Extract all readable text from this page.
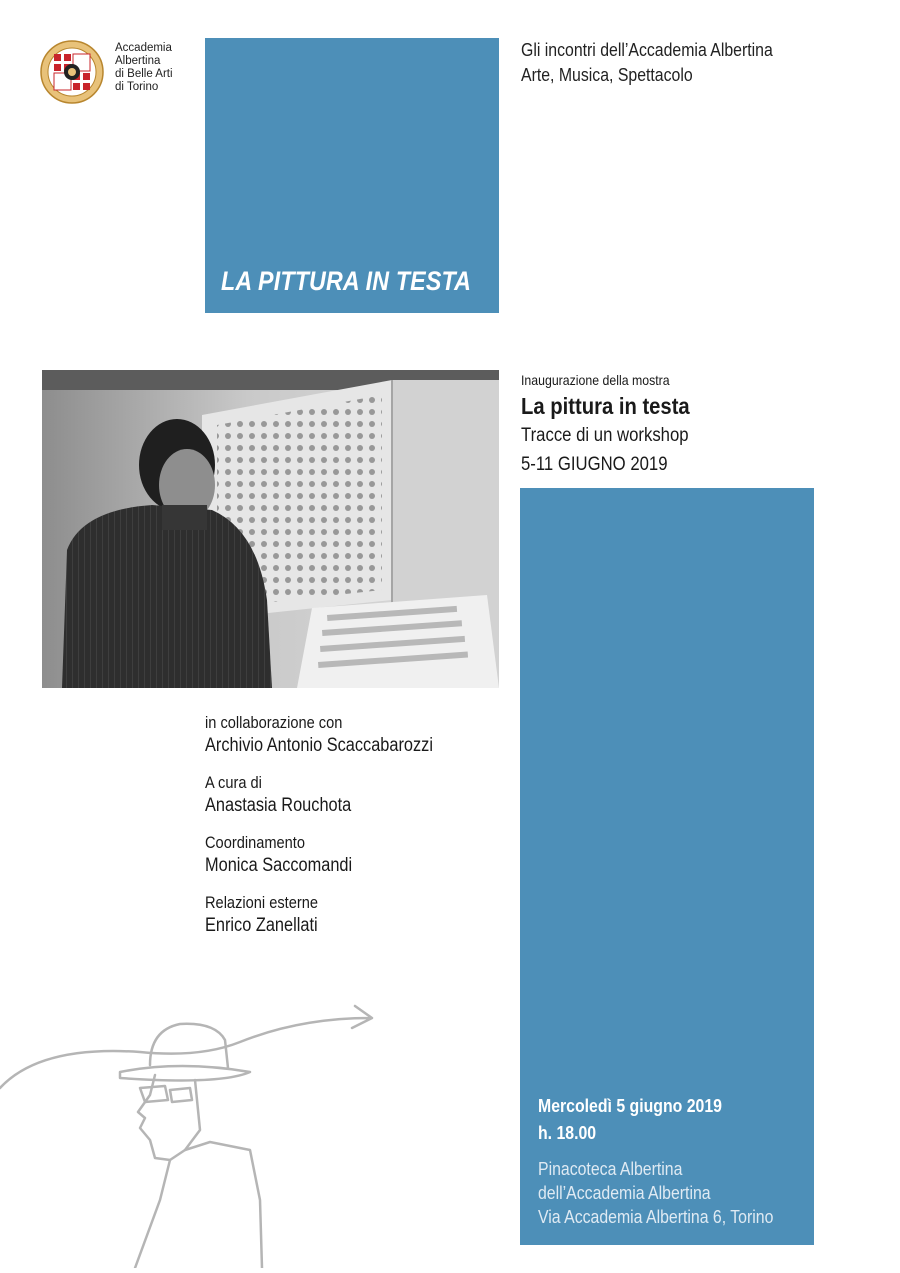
Accademia
Albertina
di Belle Arti
di Torino
LA PITTURA IN TESTA
Gli incontri dell’Accademia Albertina
Arte, Musica, Spettacolo
Inaugurazione della mostra
La pittura in testa
Tracce di un workshop
5-11 GIUGNO 2019
Mercoledì 5 giugno 2019
h. 18.00
Pinacoteca Albertina
dell’Accademia Albertina
Via Accademia Albertina 6, Torino
in collaborazione con
Archivio Antonio Scaccabarozzi
A cura di
Anastasia Rouchota
Coordinamento
Monica Saccomandi
Relazioni esterne
Enrico Zanellati
